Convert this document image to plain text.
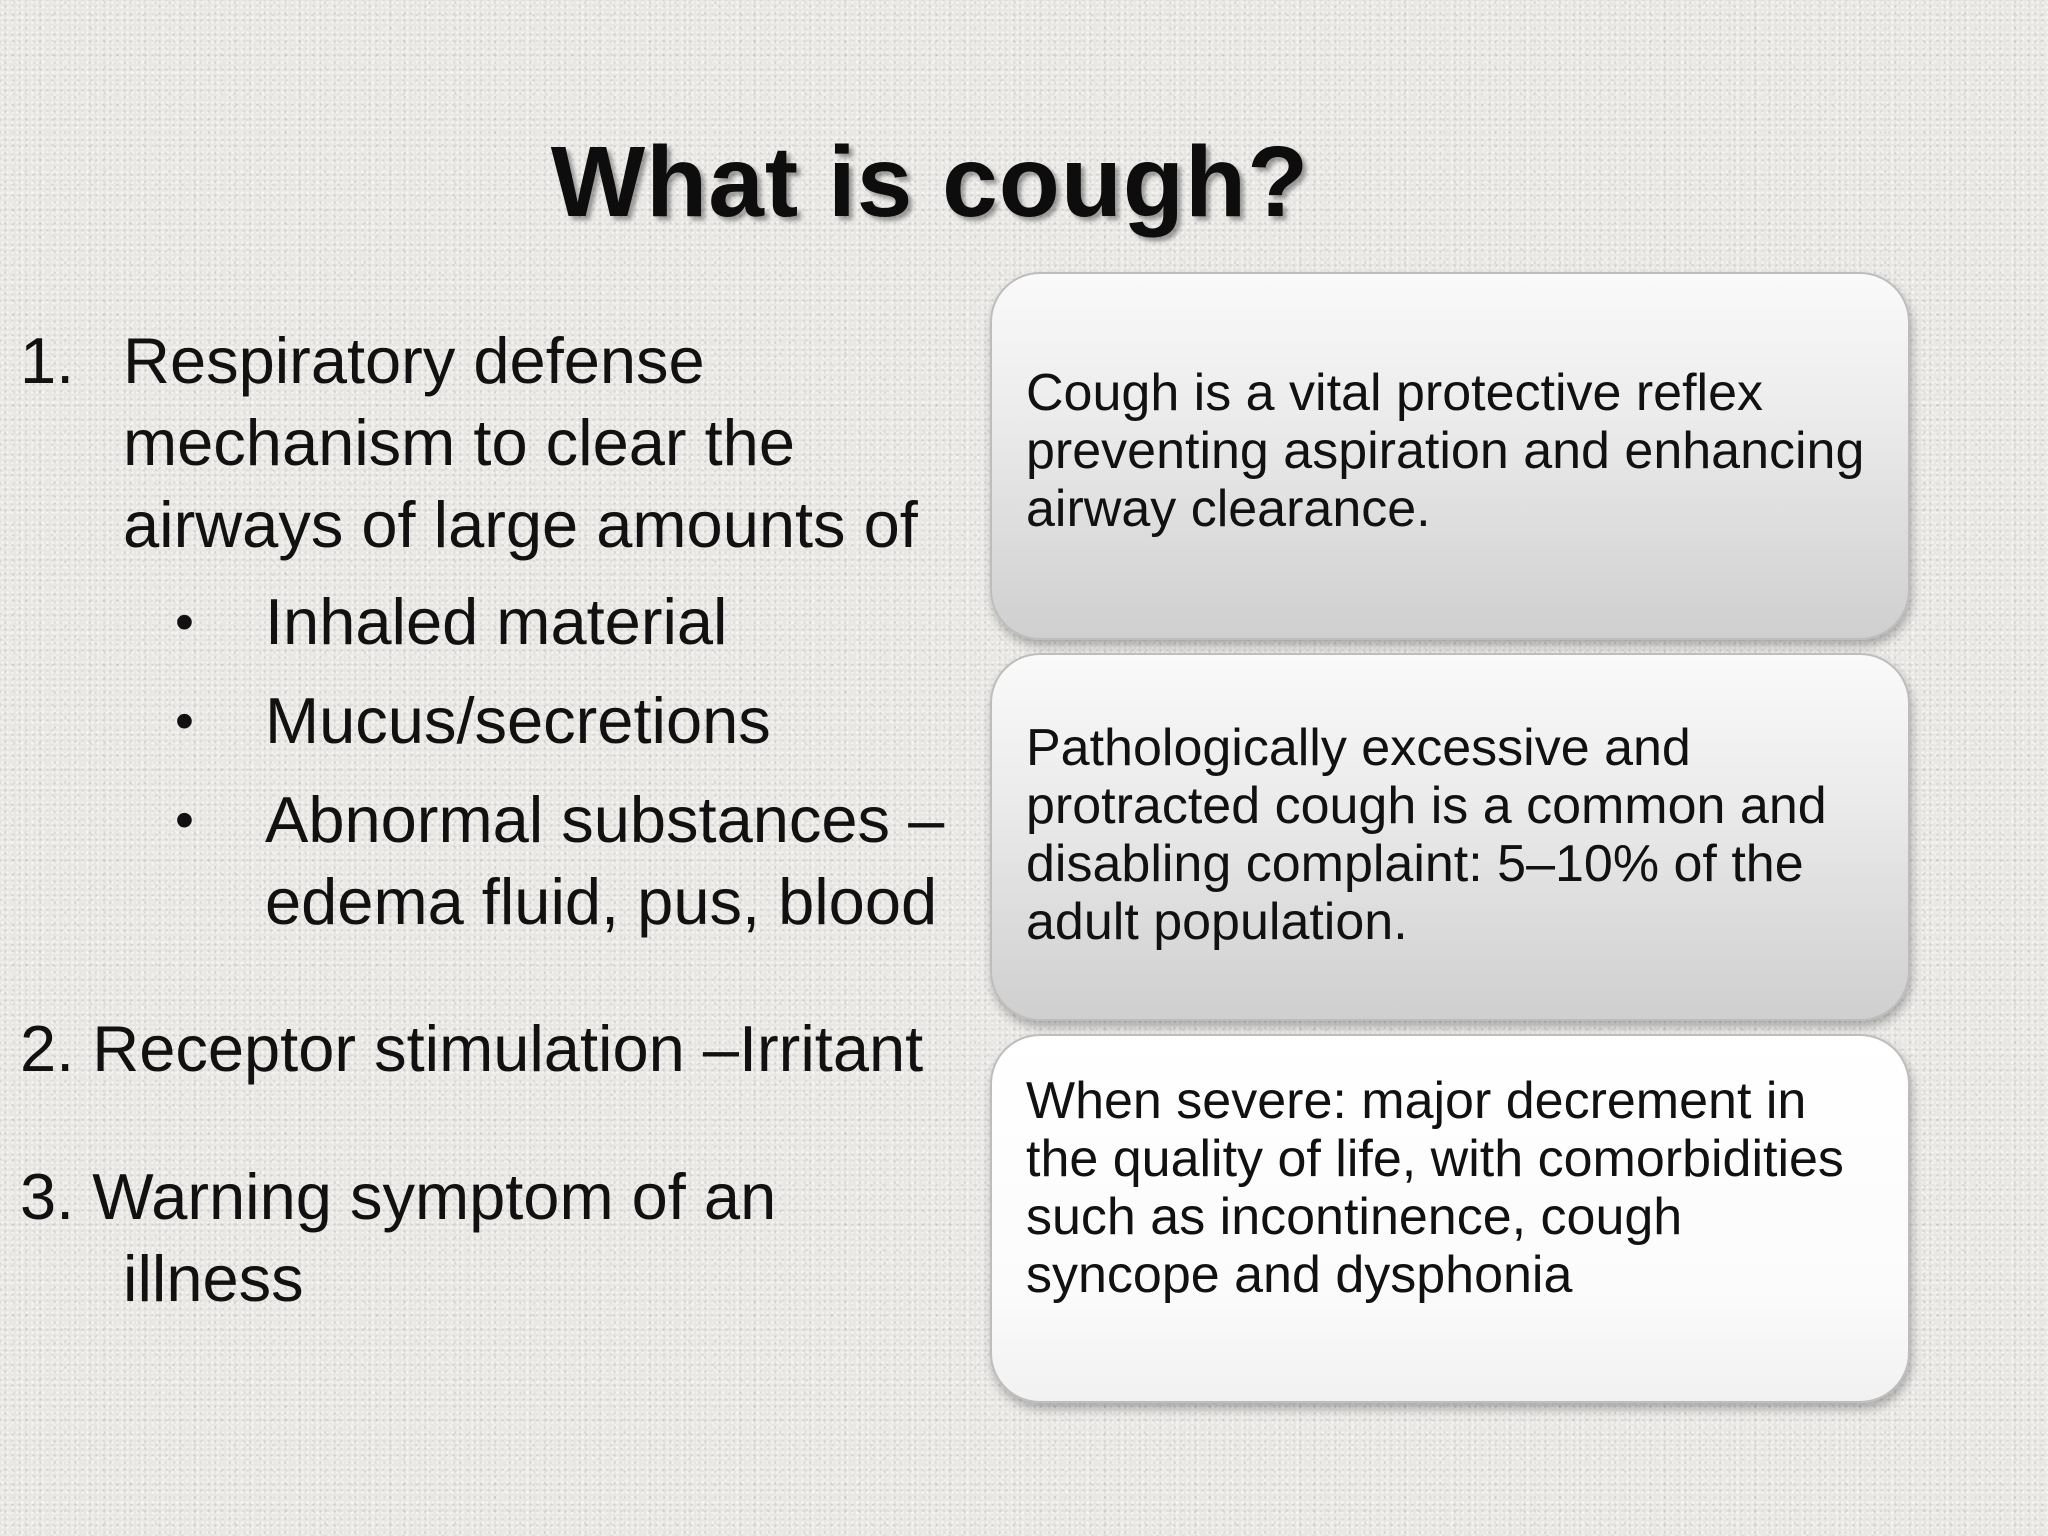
What is cough?
1. Respiratory defense
mechanism to clear the
airways of large amounts of
• Inhaled material
• Mucus/secretions
• Abnormal substances –
edema fluid, pus, blood
2. Receptor stimulation –Irritant
3. Warning symptom of an
illness

Cough is a vital protective reflex preventing aspiration and enhancing airway clearance.

Pathologically excessive and protracted cough is a common and disabling complaint: 5–10% of the adult population.

When severe: major decrement in the quality of life, with comorbidities such as incontinence, cough syncope and dysphonia
